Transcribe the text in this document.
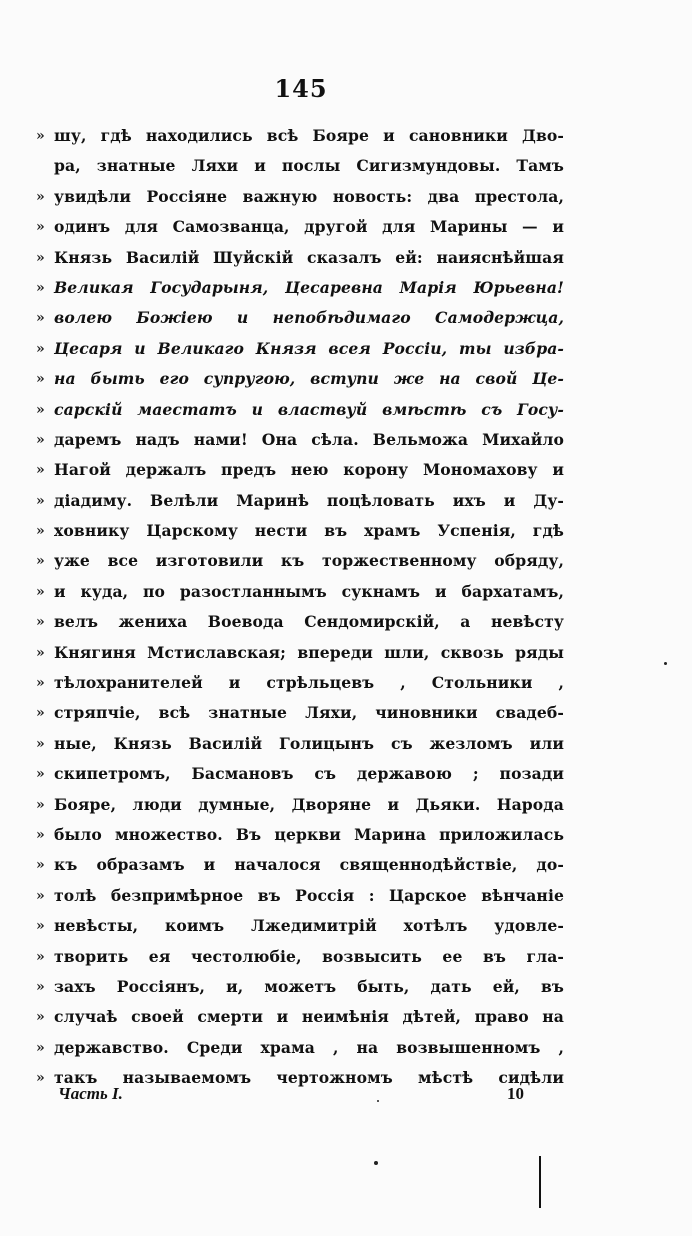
145
» шу, гдѣ находились всѣ Бояре и сановники Дво-
ра, знатные Ляхи и послы Сигизмундовы. Тамъ
» увидѣли Россіяне важную новость: два престола,
» одинъ для Самозванца, другой для Марины — и
» Князь Василій Шуйскій сказалъ ей: наияснѣйшая
» Великая Государыня, Цесаревна Марія Юрьевна!
» волею Божіею и непобѣдимаго Самодержца,
» Цесаря и Великаго Князя всея Россіи, ты избра-
» на быть его супругою, вступи же на свой Це-
» сарскій маестатъ и властвуй вмѣстѣ съ Госу-
» даремъ надъ нами! Она сѣла. Вельможа Михайло
» Нагой держалъ предъ нею корону Мономахову и
» діадиму. Велѣли Маринѣ поцѣловать ихъ и Ду-
» ховнику Царскому нести въ храмъ Успенія, гдѣ
» уже все изготовили къ торжественному обряду,
» и куда, по разостланнымъ сукнамъ и бархатамъ,
» велъ жениха Воевода Сендомирскій, а невѣсту
» Княгиня Мстиславская; впереди шли, сквозь ряды
» тѣлохранителей и стрѣльцевъ , Стольники ,
» стряпчіе, всѣ знатные Ляхи, чиновники свадеб-
» ные, Князь Василій Голицынъ съ жезломъ или
» скипетромъ, Басмановъ съ державою ; позади
» Бояре, люди думные, Дворяне и Дьяки. Народа
» было множество. Въ церкви Марина приложилась
» къ образамъ и началося священнодѣйствіе, до-
» толѣ безпримѣрное въ Россія : Царское вѣнчаніе
» невѣсты, коимъ Лжедимитрій хотѣлъ удовле-
» творить ея честолюбіе, возвысить ее въ гла-
» захъ Россіянъ, и, можетъ быть, дать ей, въ
» случаѣ своей смерти и неимѣнія дѣтей, право на
» державство. Среди храма , на возвышенномъ ,
» такъ называемомъ чертожномъ мѣстѣ сидѣли
Часть I.	10
